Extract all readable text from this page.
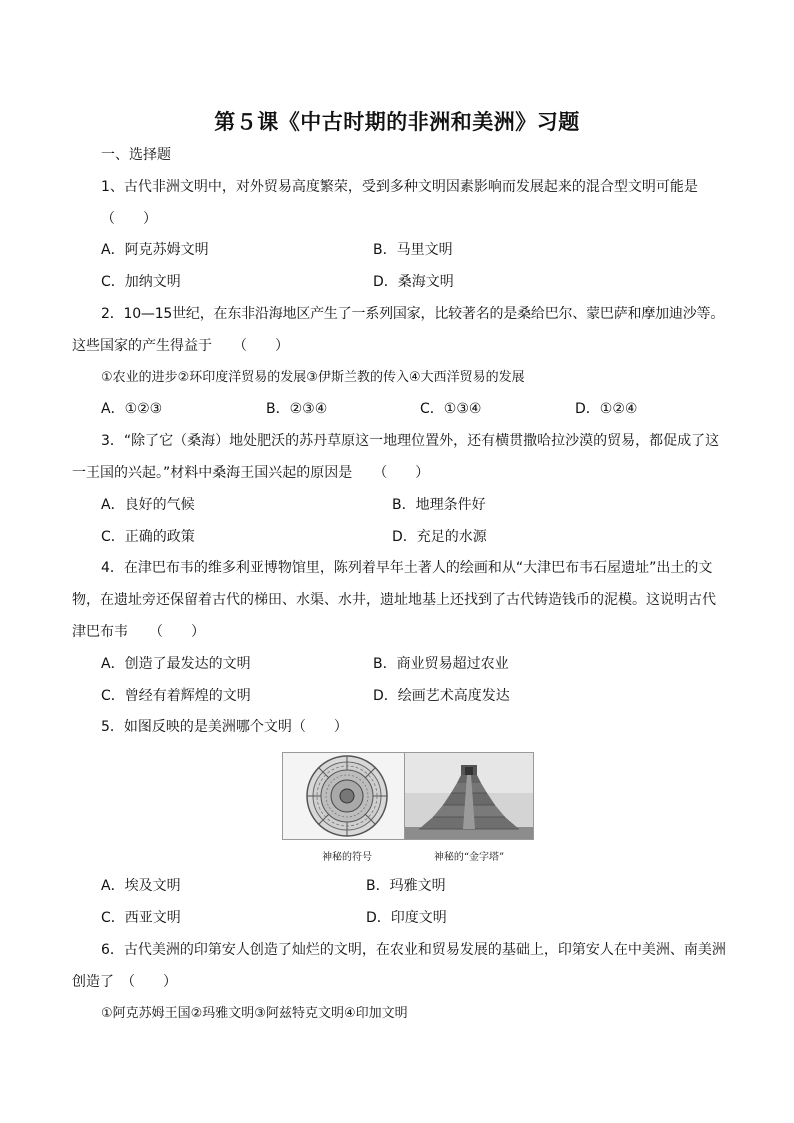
第５课《中古时期的非洲和美洲》习题
一、选择题
1、古代非洲文明中，对外贸易高度繁荣，受到多种文明因素影响而发展起来的混合型文明可能是
（　　）
A．阿克苏姆文明	B．马里文明
C．加纳文明	D．桑海文明
2．10—15世纪，在东非沿海地区产生了一系列国家，比较著名的是桑给巴尔、蒙巴萨和摩加迪沙等。
这些国家的产生得益于　　（　　）
①农业的进步②环印度洋贸易的发展③伊斯兰教的传入④大西洋贸易的发展
A．①②③	B．②③④	C．①③④	D．①②④
3．“除了它（桑海）地处肥沃的苏丹草原这一地理位置外，还有横贯撒哈拉沙漠的贸易，都促成了这
一王国的兴起。”材料中桑海王国兴起的原因是　　（　　）
A．良好的气候	B．地理条件好
C．正确的政策	D．充足的水源
4．在津巴布韦的维多利亚博物馆里，陈列着早年土著人的绘画和从“大津巴布韦石屋遗址”出土的文
物，在遗址旁还保留着古代的梯田、水渠、水井，遗址地基上还找到了古代铸造钱币的泥模。这说明古代
津巴布韦　　（　　）
A．创造了最发达的文明	B．商业贸易超过农业
C．曾经有着辉煌的文明	D．绘画艺术高度发达
5．如图反映的是美洲哪个文明（　　）
神秘的符号	神秘的“金字塔”
A．埃及文明	B．玛雅文明
C．西亚文明	D．印度文明
6．古代美洲的印第安人创造了灿烂的文明，在农业和贸易发展的基础上，印第安人在中美洲、南美洲
创造了　（　　）
①阿克苏姆王国②玛雅文明③阿兹特克文明④印加文明
